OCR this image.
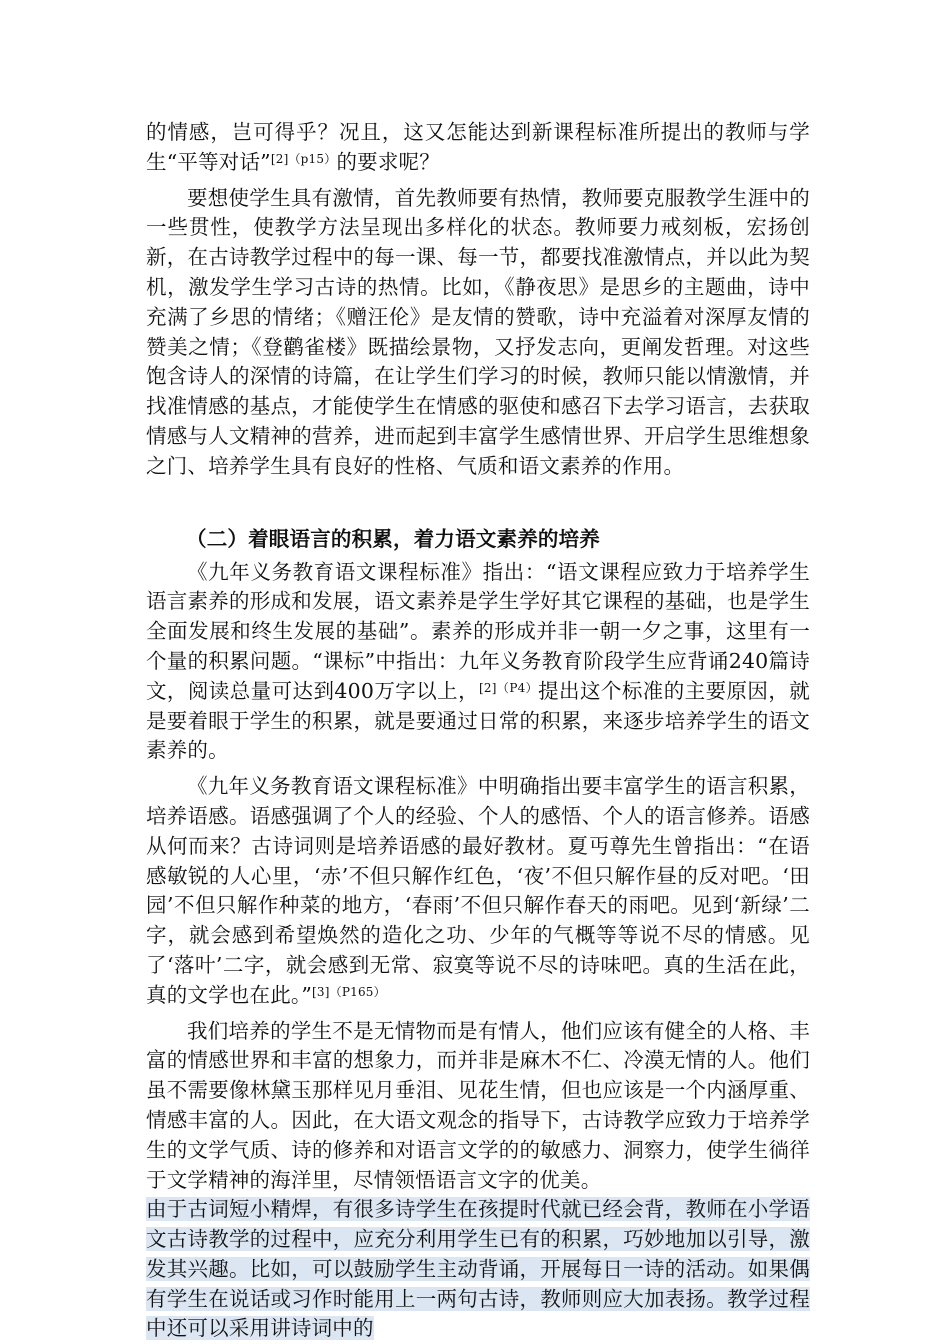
的情感，岂可得乎？况且，这又怎能达到新课程标准所提出的教师与学生“平等对话”$^{[2](p15)}$的要求呢？

要想使学生具有激情，首先教师要有热情，教师要克服教学生涯中的一些贯性，使教学方法呈现出多样化的状态。教师要力戒刻板，宏扬创新，在古诗教学过程中的每一课、每一节，都要找准激情点，并以此为契机，激发学生学习古诗的热情。比如，《静夜思》是思乡的主题曲，诗中充满了乡思的情绪；《赠汪伦》是友情的赞歌，诗中充溢着对深厚友情的赞美之情；《登鹳雀楼》既描绘景物，又抒发志向，更阐发哲理。对这些饱含诗人的深情的诗篇，在让学生们学习的时候，教师只能以情激情，并找准情感的基点，才能使学生在情感的驱使和感召下去学习语言，去获取情感与人文精神的营养，进而起到丰富学生感情世界、开启学生思维想象之门、培养学生具有良好的性格、气质和语文素养的作用。

（二）着眼语言的积累，着力语文素养的培养

《九年义务教育语文课程标准》指出：“语文课程应致力于培养学生语言素养的形成和发展，语文素养是学生学好其它课程的基础，也是学生全面发展和终生发展的基础”。素养的形成并非一朝一夕之事，这里有一个量的积累问题。“课标”中指出：九年义务教育阶段学生应背诵240篇诗文，阅读总量可达到400万字以上，$^{[2](P4)}$提出这个标准的主要原因，就是要着眼于学生的积累，就是要通过日常的积累，来逐步培养学生的语文素养的。

《九年义务教育语文课程标准》中明确指出要丰富学生的语言积累，培养语感。语感强调了个人的经验、个人的感悟、个人的语言修养。语感从何而来？古诗词则是培养语感的最好教材。夏丏尊先生曾指出：“在语感敏锐的人心里，‘赤’不但只解作红色，‘夜’不但只解作昼的反对吧。‘田园’不但只解作种菜的地方，‘春雨’不但只解作春天的雨吧。见到‘新绿’二字，就会感到希望焕然的造化之功、少年的气概等等说不尽的情感。见了‘落叶’二字，就会感到无常、寂寞等说不尽的诗味吧。真的生活在此，真的文学也在此。”$^{[3](P165)}$

我们培养的学生不是无情物而是有情人，他们应该有健全的人格、丰富的情感世界和丰富的想象力，而并非是麻木不仁、冷漠无情的人。他们虽不需要像林黛玉那样见月垂泪、见花生情，但也应该是一个内涵厚重、情感丰富的人。因此，在大语文观念的指导下，古诗教学应致力于培养学生的文学气质、诗的修养和对语言文学的的敏感力、洞察力，使学生徜徉于文学精神的海洋里，尽情领悟语言文字的优美。

由于古词短小精焊，有很多诗学生在孩提时代就已经会背，教师在小学语文古诗教学的过程中，应充分利用学生已有的积累，巧妙地加以引导，激发其兴趣。比如，可以鼓励学生主动背诵，开展每日一诗的活动。如果偶有学生在说话或习作时能用上一两句古诗，教师则应大加表扬。教学过程中还可以采用讲诗词中的
